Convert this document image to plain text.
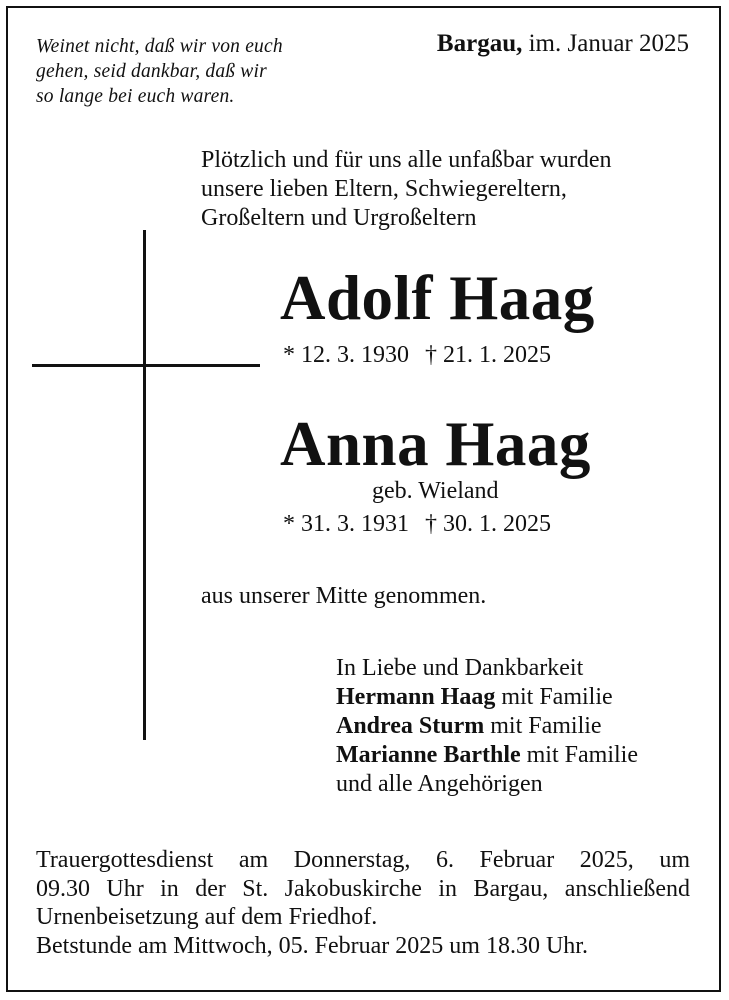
Weinet nicht, daß wir von euch
gehen, seid dankbar, daß wir
so lange bei euch waren.
Bargau, im. Januar 2025
Plötzlich und für uns alle unfaßbar wurden
unsere lieben Eltern, Schwiegereltern,
Großeltern und Urgroßeltern
Adolf Haag
* 12. 3. 1930 † 21. 1. 2025
Anna Haag
geb. Wieland
* 31. 3. 1931 † 30. 1. 2025
aus unserer Mitte genommen.
In Liebe und Dankbarkeit
Hermann Haag mit Familie
Andrea Sturm mit Familie
Marianne Barthle mit Familie
und alle Angehörigen
Trauergottesdienst am Donnerstag, 6. Februar 2025, um
09.30 Uhr in der St. Jakobuskirche in Bargau, anschließend
Urnenbeisetzung auf dem Friedhof.
Betstunde am Mittwoch, 05. Februar 2025 um 18.30 Uhr.
